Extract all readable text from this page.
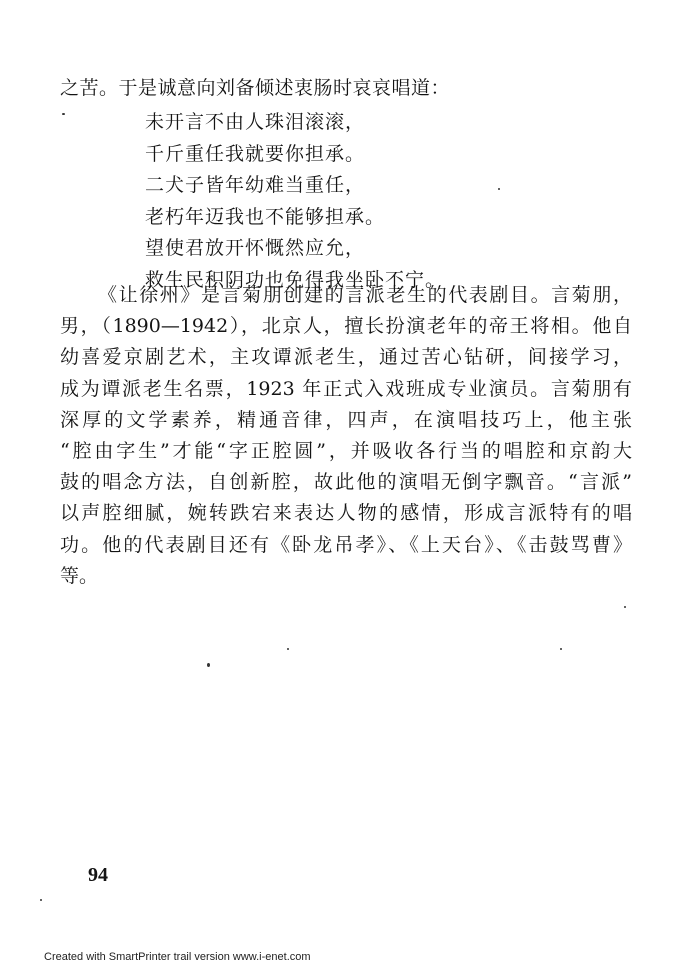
之苦。于是诚意向刘备倾述衷肠时哀哀唱道：
未开言不由人珠泪滚滚，
千斤重任我就要你担承。
二犬子皆年幼难当重任，
老朽年迈我也不能够担承。
望使君放开怀慨然应允，
救生民积阴功也免得我坐卧不宁。
《让徐州》是言菊朋创建的言派老生的代表剧目。言菊朋，
男，（1890—1942），北京人，擅长扮演老年的帝王将相。他自
幼喜爱京剧艺术，主攻谭派老生，通过苦心钻研，间接学习，
成为谭派老生名票，1923 年正式入戏班成专业演员。言菊朋有
深厚的文学素养，精通音律，四声，在演唱技巧上，他主张
“腔由字生”才能“字正腔圆”，并吸收各行当的唱腔和京韵大
鼓的唱念方法，自创新腔，故此他的演唱无倒字飘音。“言派”
以声腔细腻，婉转跌宕来表达人物的感情，形成言派特有的唱
功。他的代表剧目还有《卧龙吊孝》、《上天台》、《击鼓骂曹》
等。
94
Created with SmartPrinter trail version www.i-enet.com
